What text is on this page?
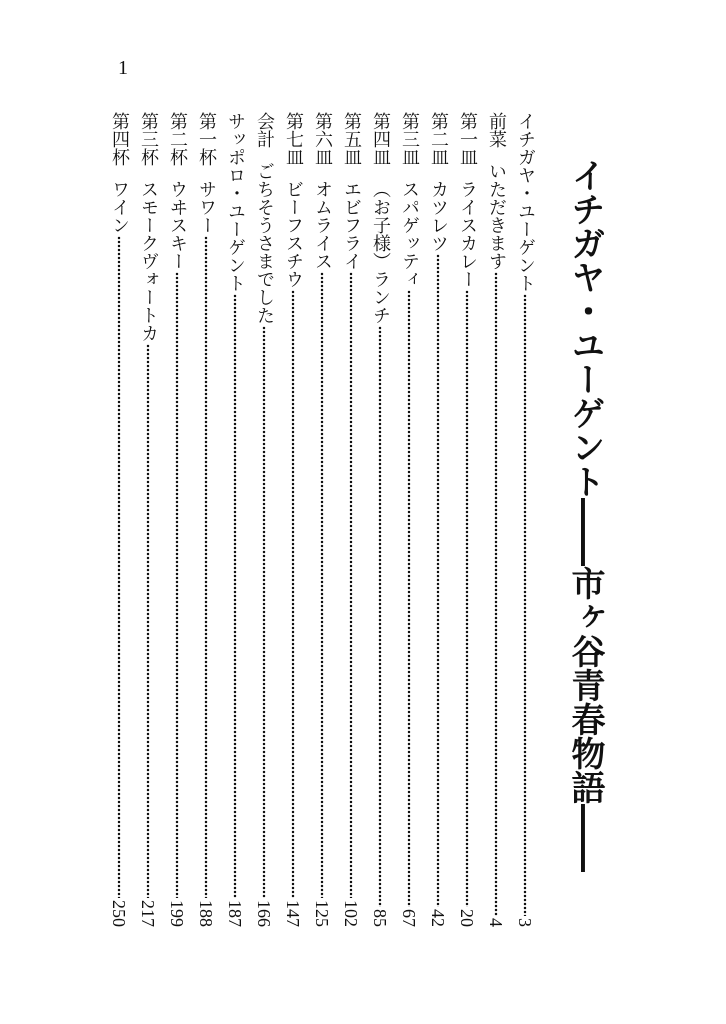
1
イチガヤ・ユーゲント――市ヶ谷青春物語――
イチガヤ・ユーゲント
3
前菜
いただきます
4
第一皿
ライスカレー
20
第二皿
カツレツ
42
第三皿
スパゲッティ
67
第四皿
（お子様）ランチ
85
第五皿
エビフライ
102
第六皿
オムライス
125
第七皿
ビーフスチウ
147
会計
ごちそうさまでした
166
サッポロ・ユーゲント
187
第一杯
サワー
188
第二杯
ウヰスキー
199
第三杯
スモークヴォートカ
217
第四杯
ワイン
250
